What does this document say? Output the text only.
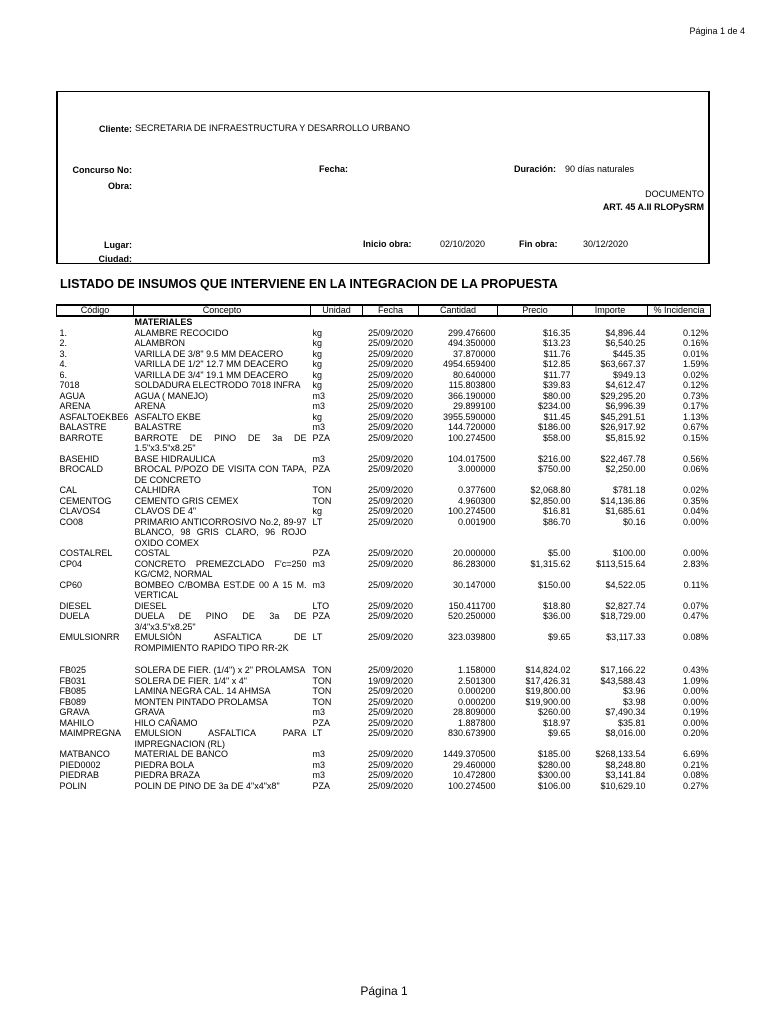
Página 1 de 4
Cliente: SECRETARIA DE INFRAESTRUCTURA Y DESARROLLO URBANO
Concurso No:	Fecha:	Duración: 90 días naturales
Obra:
DOCUMENTO
ART. 45 A.II RLOPySRM
Lugar:	Inicio obra:	02/10/2020	Fin obra:	30/12/2020
Ciudad:
LISTADO DE INSUMOS QUE INTERVIENE EN LA INTEGRACION DE LA PROPUESTA
Código	Concepto	Unidad	Fecha	Cantidad	Precio	Importe	% Incidencia
	MATERIALES						
1.	ALAMBRE RECOCIDO	kg	25/09/2020	299.476600	$16.35	$4,896.44	0.12%
2.	ALAMBRON	kg	25/09/2020	494.350000	$13.23	$6,540.25	0.16%
3.	VARILLA DE 3/8" 9.5 MM DEACERO	kg	25/09/2020	37.870000	$11.76	$445.35	0.01%
4.	VARILLA DE 1/2" 12.7 MM DEACERO	kg	25/09/2020	4954.659400	$12.85	$63,667.37	1.59%
6.	VARILLA DE 3/4" 19.1 MM DEACERO	kg	25/09/2020	80.640000	$11.77	$949.13	0.02%
7018	SOLDADURA ELECTRODO 7018 INFRA	kg	25/09/2020	115.803800	$39.83	$4,612.47	0.12%
AGUA	AGUA ( MANEJO)	m3	25/09/2020	366.190000	$80.00	$29,295.20	0.73%
ARENA	ARENA	m3	25/09/2020	29.899100	$234.00	$6,996.39	0.17%
ASFALTOEKBE6	ASFALTO EKBE	kg	25/09/2020	3955.590000	$11.45	$45,291.51	1.13%
BALASTRE	BALASTRE	m3	25/09/2020	144.720000	$186.00	$26,917.92	0.67%
BARROTE	BARROTE DE PINO DE 3a DE 1.5"x3.5"x8.25"	PZA	25/09/2020	100.274500	$58.00	$5,815.92	0.15%
BASEHID	BASE HIDRAULICA	m3	25/09/2020	104.017500	$216.00	$22,467.78	0.56%
BROCALD	BROCAL P/POZO DE VISITA CON TAPA, DE CONCRETO	PZA	25/09/2020	3.000000	$750.00	$2,250.00	0.06%
CAL	CALHIDRA	TON	25/09/2020	0.377600	$2,068.80	$781.18	0.02%
CEMENTOG	CEMENTO GRIS CEMEX	TON	25/09/2020	4.960300	$2,850.00	$14,136.86	0.35%
CLAVOS4	CLAVOS DE 4"	kg	25/09/2020	100.274500	$16.81	$1,685.61	0.04%
CO08	PRIMARIO ANTICORROSIVO No.2, 89-97 BLANCO, 98 GRIS CLARO, 96 ROJO OXIDO COMEX	LT	25/09/2020	0.001900	$86.70	$0.16	0.00%
COSTALREL	COSTAL	PZA	25/09/2020	20.000000	$5.00	$100.00	0.00%
CP04	CONCRETO PREMEZCLADO F'c=250 KG/CM2, NORMAL	m3	25/09/2020	86.283000	$1,315.62	$113,515.64	2.83%
CP60	BOMBEO C/BOMBA EST.DE 00 A 15 M. VERTICAL	m3	25/09/2020	30.147000	$150.00	$4,522.05	0.11%
DIESEL	DIESEL	LTO	25/09/2020	150.411700	$18.80	$2,827.74	0.07%
DUELA	DUELA DE PINO DE 3a DE 3/4"x3.5"x8.25"	PZA	25/09/2020	520.250000	$36.00	$18,729.00	0.47%
EMULSIONRR	EMULSIÓN ASFALTICA DE ROMPIMIENTO RAPIDO TIPO RR-2K	LT	25/09/2020	323.039800	$9.65	$3,117.33	0.08%
FB025	SOLERA DE FIER. (1/4") x 2" PROLAMSA	TON	25/09/2020	1.158000	$14,824.02	$17,166.22	0.43%
FB031	SOLERA DE FIER. 1/4" x 4"	TON	19/09/2020	2.501300	$17,426.31	$43,588.43	1.09%
FB085	LAMINA NEGRA CAL. 14 AHMSA	TON	25/09/2020	0.000200	$19,800.00	$3.96	0.00%
FB089	MONTEN PINTADO PROLAMSA	TON	25/09/2020	0.000200	$19,900.00	$3.98	0.00%
GRAVA	GRAVA	m3	25/09/2020	28.809000	$260.00	$7,490.34	0.19%
MAHILO	HILO CAÑAMO	PZA	25/09/2020	1.887800	$18.97	$35.81	0.00%
MAIMPREGNA	EMULSION ASFALTICA PARA IMPREGNACION (RL)	LT	25/09/2020	830.673900	$9.65	$8,016.00	0.20%
MATBANCO	MATERIAL DE BANCO	m3	25/09/2020	1449.370500	$185.00	$268,133.54	6.69%
PIED0002	PIEDRA BOLA	m3	25/09/2020	29.460000	$280.00	$8,248.80	0.21%
PIEDRAB	PIEDRA BRAZA	m3	25/09/2020	10.472800	$300.00	$3,141.84	0.08%
POLIN	POLIN DE PINO DE 3a DE 4"x4"x8"	PZA	25/09/2020	100.274500	$106.00	$10,629.10	0.27%
Página 1
